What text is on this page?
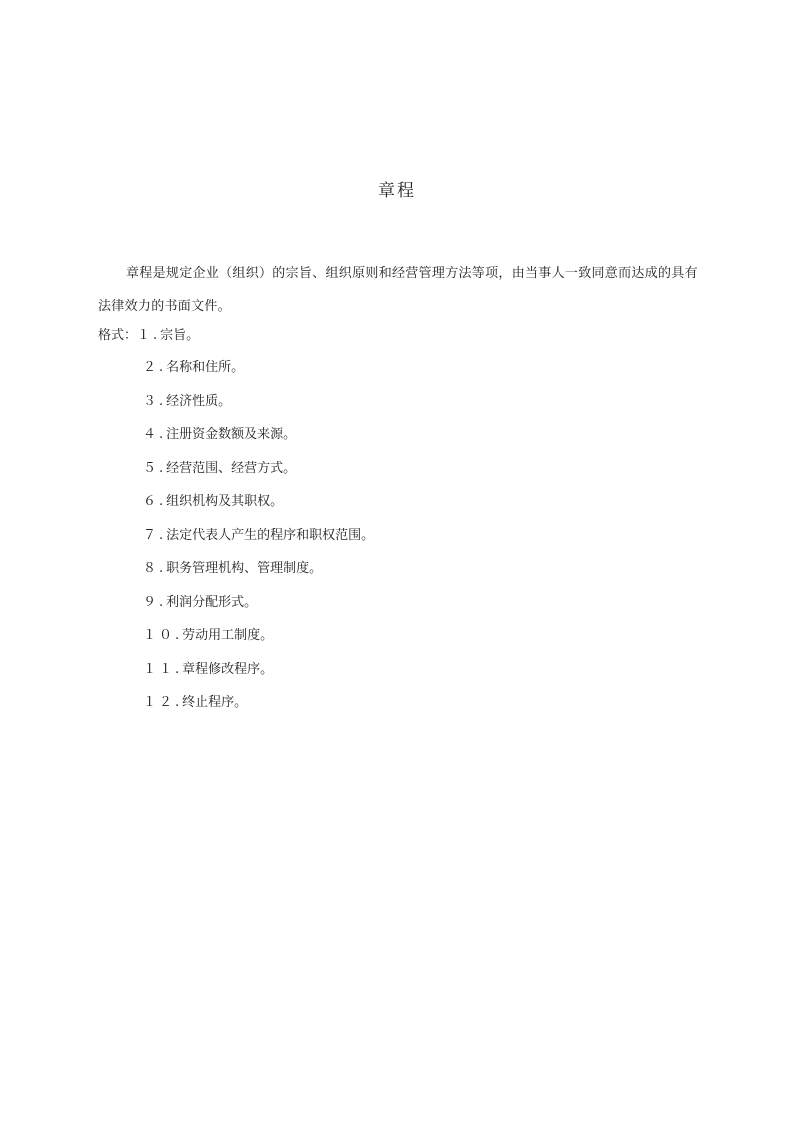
章程

章程是规定企业（组织）的宗旨、组织原则和经营管理方法等项，由当事人一致同意而达成的具有法律效力的书面文件。

格式：１.宗旨。
２.名称和住所。
３.经济性质。
４.注册资金数额及来源。
５.经营范围、经营方式。
６.组织机构及其职权。
７.法定代表人产生的程序和职权范围。
８.职务管理机构、管理制度。
９.利润分配形式。
１０.劳动用工制度。
１１.章程修改程序。
１２.终止程序。
